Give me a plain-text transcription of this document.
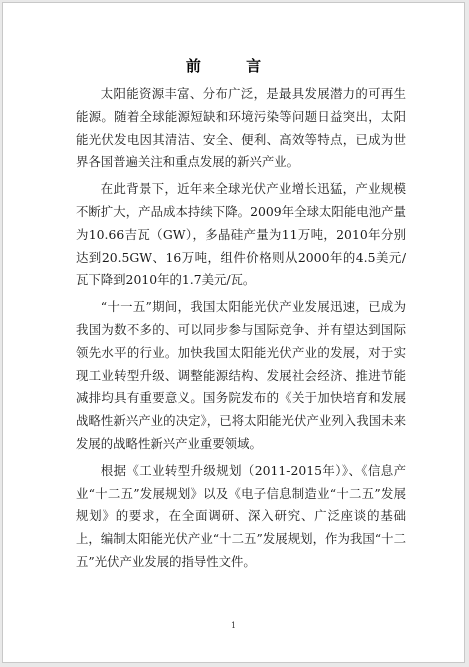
前 言

太阳能资源丰富、分布广泛，是最具发展潜力的可再生能源。随着全球能源短缺和环境污染等问题日益突出，太阳能光伏发电因其清洁、安全、便利、高效等特点，已成为世界各国普遍关注和重点发展的新兴产业。

在此背景下，近年来全球光伏产业增长迅猛，产业规模不断扩大，产品成本持续下降。2009年全球太阳能电池产量为10.66吉瓦（GW），多晶硅产量为11万吨，2010年分别达到20.5GW、16万吨，组件价格则从2000年的4.5美元/瓦下降到2010年的1.7美元/瓦。

“十一五”期间，我国太阳能光伏产业发展迅速，已成为我国为数不多的、可以同步参与国际竞争、并有望达到国际领先水平的行业。加快我国太阳能光伏产业的发展，对于实现工业转型升级、调整能源结构、发展社会经济、推进节能减排均具有重要意义。国务院发布的《关于加快培育和发展战略性新兴产业的决定》，已将太阳能光伏产业列入我国未来发展的战略性新兴产业重要领域。

根据《工业转型升级规划（2011-2015年）》、《信息产业“十二五”发展规划》以及《电子信息制造业“十二五”发展规划》的要求，在全面调研、深入研究、广泛座谈的基础上，编制太阳能光伏产业“十二五”发展规划，作为我国“十二五”光伏产业发展的指导性文件。

1
